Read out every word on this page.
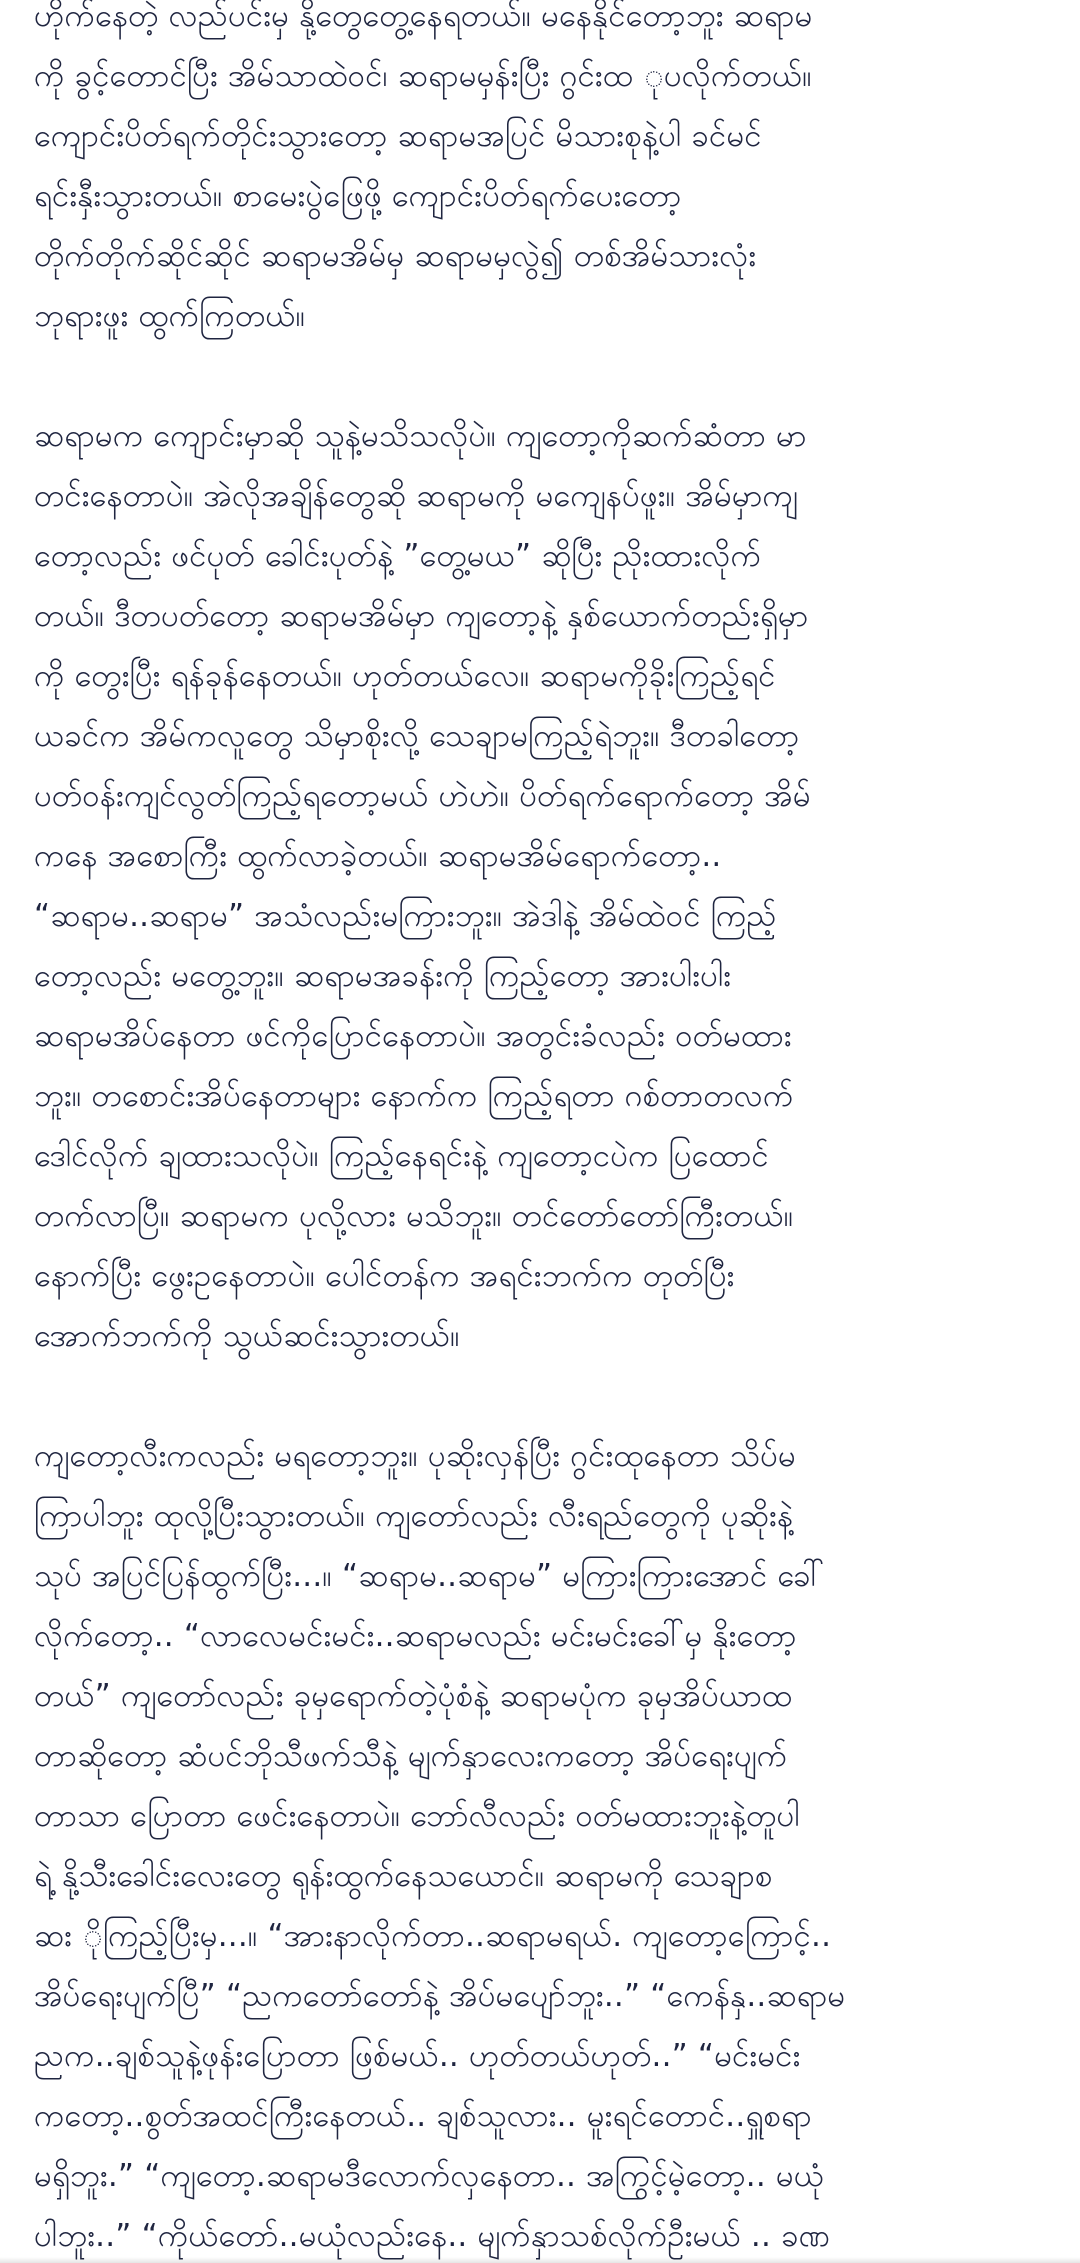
ဟိုက်နေတဲ့ လည်ပင်းမှ နို့တွေတွေ့နေရတယ်။ မနေနိုင်တော့ဘူး ဆရာမ
ကို ခွင့်တောင်ပြီး အိမ်သာထဲဝင်၊ ဆရာမမှန်းပြီး ဂွင်းထ ုပလိုက်တယ်။
ကျောင်းပိတ်ရက်တိုင်းသွားတော့ ဆရာမအပြင် မိသားစုနဲ့ပါ ခင်မင်
ရင်းနှီးသွားတယ်။ စာမေးပွဲဖြေဖို့ ကျောင်းပိတ်ရက်ပေးတော့
တိုက်တိုက်ဆိုင်ဆိုင် ဆရာမအိမ်မှ ဆရာမမှလွဲ၍ တစ်အိမ်သားလုံး
ဘုရားဖူး ထွက်ကြတယ်။
ဆရာမက ကျောင်းမှာဆို သူနဲ့မသိသလိုပဲ။ ကျတော့ကိုဆက်ဆံတာ မာ
တင်းနေတာပဲ။ အဲလိုအချိန်တွေဆို ဆရာမကို မကျေနပ်ဖူး။ အိမ်မှာကျ
တော့လည်း ဖင်ပုတ် ခေါင်းပုတ်နဲ့ ”တွေ့မယ” ဆိုပြီး ညိုးထားလိုက်
တယ်။ ဒီတပတ်တော့ ဆရာမအိမ်မှာ ကျတော့နဲ့ နှစ်ယောက်တည်းရှိမှာ
ကို တွေးပြီး ရန်ခုန်နေတယ်။ ဟုတ်တယ်လေ။ ဆရာမကိုခိုးကြည့်ရင်
ယခင်က အိမ်ကလူတွေ သိမှာစိုးလို့ သေချာမကြည့်ရဲဘူး။ ဒီတခါတော့
ပတ်ဝန်းကျင်လွတ်ကြည့်ရတော့မယ် ဟဲဟဲ။ ပိတ်ရက်ရောက်တော့ အိမ်
ကနေ အစောကြီး ထွက်လာခဲ့တယ်။ ဆရာမအိမ်ရောက်တော့..
“ဆရာမ..ဆရာမ” အသံလည်းမကြားဘူး။ အဲဒါနဲ့ အိမ်ထဲဝင် ကြည့်
တော့လည်း မတွေ့ဘူး။ ဆရာမအခန်းကို ကြည့်တော့ အားပါးပါး
ဆရာမအိပ်နေတာ ဖင်ကိုပြောင်နေတာပဲ။ အတွင်းခံလည်း ဝတ်မထား
ဘူး။ တစောင်းအိပ်နေတာများ နောက်က ကြည့်ရတာ ဂစ်တာတလက်
ဒေါင်လိုက် ချထားသလိုပဲ။ ကြည့်နေရင်းနဲ့ ကျတော့ငပဲက ပြထောင်
တက်လာပြီ။ ဆရာမက ပုလို့လား မသိဘူး။ တင်တော်တော်ကြီးတယ်။
နောက်ပြီး ဖွေးဥနေတာပဲ။ ပေါင်တန်က အရင်းဘက်က တုတ်ပြီး
အောက်ဘက်ကို သွယ်ဆင်းသွားတယ်။
ကျတော့လီးကလည်း မရတော့ဘူး။ ပုဆိုးလှန်ပြီး ဂွင်းထုနေတာ သိပ်မ
ကြာပါဘူး ထုလို့ပြီးသွားတယ်။ ကျတော်လည်း လီးရည်တွေကို ပုဆိုးနဲ့
သုပ် အပြင်ပြန်ထွက်ပြီး...။ “ဆရာမ..ဆရာမ” မကြားကြားအောင် ခေါ်
လိုက်တော့.. “လာလေမင်းမင်း..ဆရာမလည်း မင်းမင်းခေါ်မှ နိုးတော့
တယ်” ကျတော်လည်း ခုမှရောက်တဲ့ပုံစံနဲ့ ဆရာမပုံက ခုမှအိပ်ယာထ
တာဆိုတော့ ဆံပင်ဘိုသီဖက်သီနဲ့ မျက်နှာလေးကတော့ အိပ်ရေးပျက်
တာသာ ပြောတာ ဖေင်းနေတာပဲ။ ဘော်လီလည်း ဝတ်မထားဘူးနဲ့တူပါ
ရဲ့ နို့သီးခေါင်းလေးတွေ ရုန်းထွက်နေသယောင်။ ဆရာမကို သေချာစ
ဆး ိုကြည့်ပြီးမှ...။ “အားနာလိုက်တာ..ဆရာမရယ်. ကျတော့ကြောင့်..
အိပ်ရေးပျက်ပြီ” “ညကတော်တော်နဲ့ အိပ်မပျော်ဘူး..” “ကေန်နှ..ဆရာမ
ညက..ချစ်သူနဲ့ဖုန်းပြောတာ ဖြစ်မယ်.. ဟုတ်တယ်ဟုတ်..” “မင်းမင်း
ကတော့..စွတ်အထင်ကြီးနေတယ်.. ချစ်သူလား.. မူးရင်တောင်..ရှူစရာ
မရှိဘူး.” “ကျတော့.ဆရာမဒီလောက်လှနေတာ.. အကြွင့်မဲ့တော့.. မယုံ
ပါဘူး..” “ကိုယ်တော်..မယုံလည်းနေ.. မျက်နှာသစ်လိုက်ဦးမယ် .. ခဏ
